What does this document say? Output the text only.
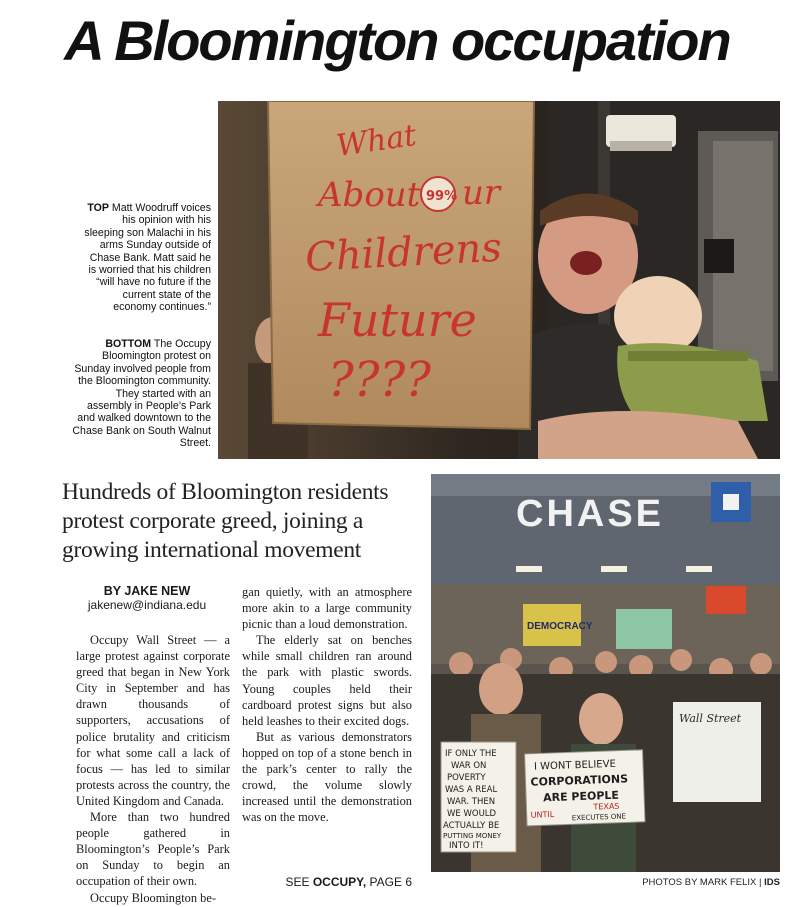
A Bloomington occupation
What
About 99% ur
Childrens
Future
????
TOP Matt Woodruff voices his opinion with his sleeping son Malachi in his arms Sunday outside of Chase Bank. Matt said he is worried that his children “will have no future if the current state of the economy continues.”
BOTTOM The Occupy Bloomington protest on Sunday involved people from the Bloomington community. They started with an assembly in People’s Park and walked downtown to the Chase Bank on South Walnut Street.
CHASE
DEMOCRACY
Wall Street
IF ONLY THE
WAR ON
POVERTY
WAS A REAL
WAR. THEN
WE WOULD
ACTUALLY BE
PUTTING MONEY
INTO IT!
I WONT BELIEVE
CORPORATIONS
ARE PEOPLE
UNTIL
TEXAS
EXECUTES ONE
Hundreds of Bloomington residents protest corporate greed, joining a growing international movement
BY JAKE NEW
jakenew@indiana.edu

Occupy Wall Street — a large protest against corporate greed that began in New York City in September and has drawn thousands of supporters, accusations of police brutality and criticism for what some call a lack of focus — has led to similar protests across the country, the United Kingdom and Canada.

More than two hundred people gathered in Bloomington’s People’s Park on Sunday to begin an occupation of their own.

Occupy Bloomington be-

gan quietly, with an atmosphere more akin to a large community picnic than a loud demonstration.

The elderly sat on benches while small children ran around the park with plastic swords. Young couples held their cardboard protest signs but also held leashes to their excited dogs.

But as various demonstrators hopped on top of a stone bench in the park’s center to rally the crowd, the volume slowly increased until the demonstration was on the move.

SEE OCCUPY, PAGE 6	PHOTOS BY MARK FELIX | IDS
